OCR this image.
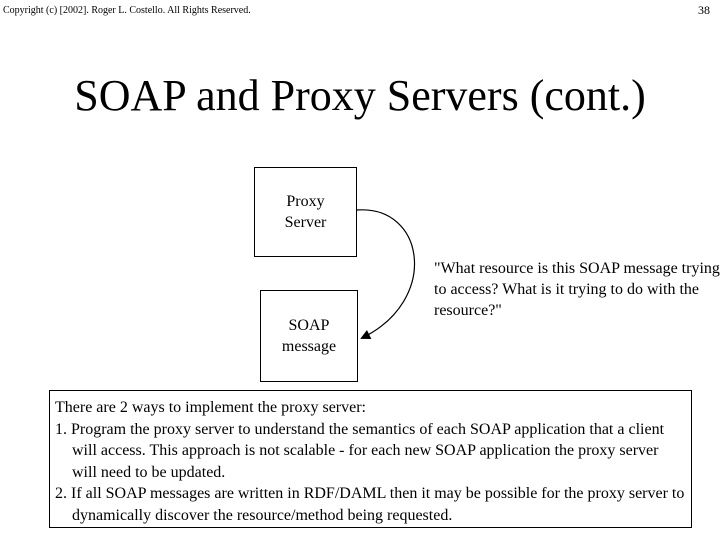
Copyright (c) [2002]. Roger L. Costello. All Rights Reserved.	38
SOAP and Proxy Servers (cont.)
Proxy
Server
SOAP
message
"What resource is this SOAP message trying to access? What is it trying to do with the resource?"

There are 2 ways to implement the proxy server:

1. Program the proxy server to understand the semantics of each SOAP application that a client will access. This approach is not scalable - for each new SOAP application the proxy server will need to be updated.

2. If all SOAP messages are written in RDF/DAML then it may be possible for the proxy server to dynamically discover the resource/method being requested.
